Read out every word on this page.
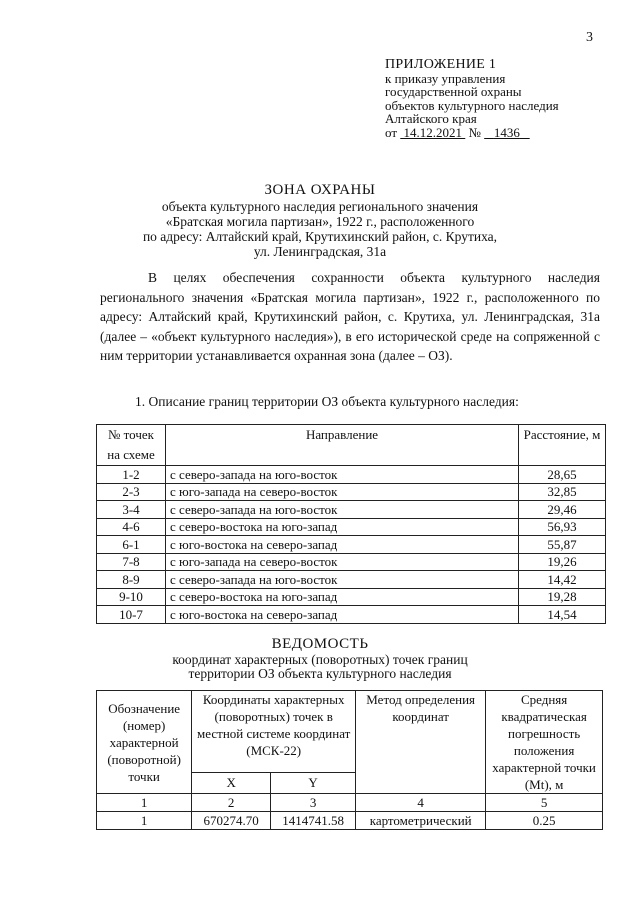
3
ПРИЛОЖЕНИЕ 1
к приказу управления
государственной охраны
объектов культурного наследия
Алтайского края
от 14.12.2021 № 1436
ЗОНА ОХРАНЫ
объекта культурного наследия регионального значения
«Братская могила партизан», 1922 г., расположенного
по адресу: Алтайский край, Крутихинский район, с. Крутиха,
ул. Ленинградская, 31а
В целях обеспечения сохранности объекта культурного наследия регионального значения «Братская могила партизан», 1922 г., расположенного по адресу: Алтайский край, Крутихинский район, с. Крутиха, ул. Ленинградская, 31а (далее – «объект культурного наследия»), в его исторической среде на сопряженной с ним территории устанавливается охранная зона (далее – ОЗ).
1. Описание границ территории ОЗ объекта культурного наследия:
№ точек на схеме	Направление	Расстояние, м
1-2	с северо-запада на юго-восток	28,65
2-3	с юго-запада на северо-восток	32,85
3-4	с северо-запада на юго-восток	29,46
4-6	с северо-востока на юго-запад	56,93
6-1	с юго-востока на северо-запад	55,87
7-8	с юго-запада на северо-восток	19,26
8-9	с северо-запада на юго-восток	14,42
9-10	с северо-востока на юго-запад	19,28
10-7	с юго-востока на северо-запад	14,54
ВЕДОМОСТЬ
координат характерных (поворотных) точек границ
территории ОЗ объекта культурного наследия
Обозначение (номер) характерной (поворотной) точки	Координаты характерных (поворотных) точек в местной системе координат (МСК-22)		Метод определения координат	Средняя квадратическая погрешность положения характерной точки (Mt), м
	X	Y		
1	2	3	4	5
1	670274.70	1414741.58	картометрический	0.25
